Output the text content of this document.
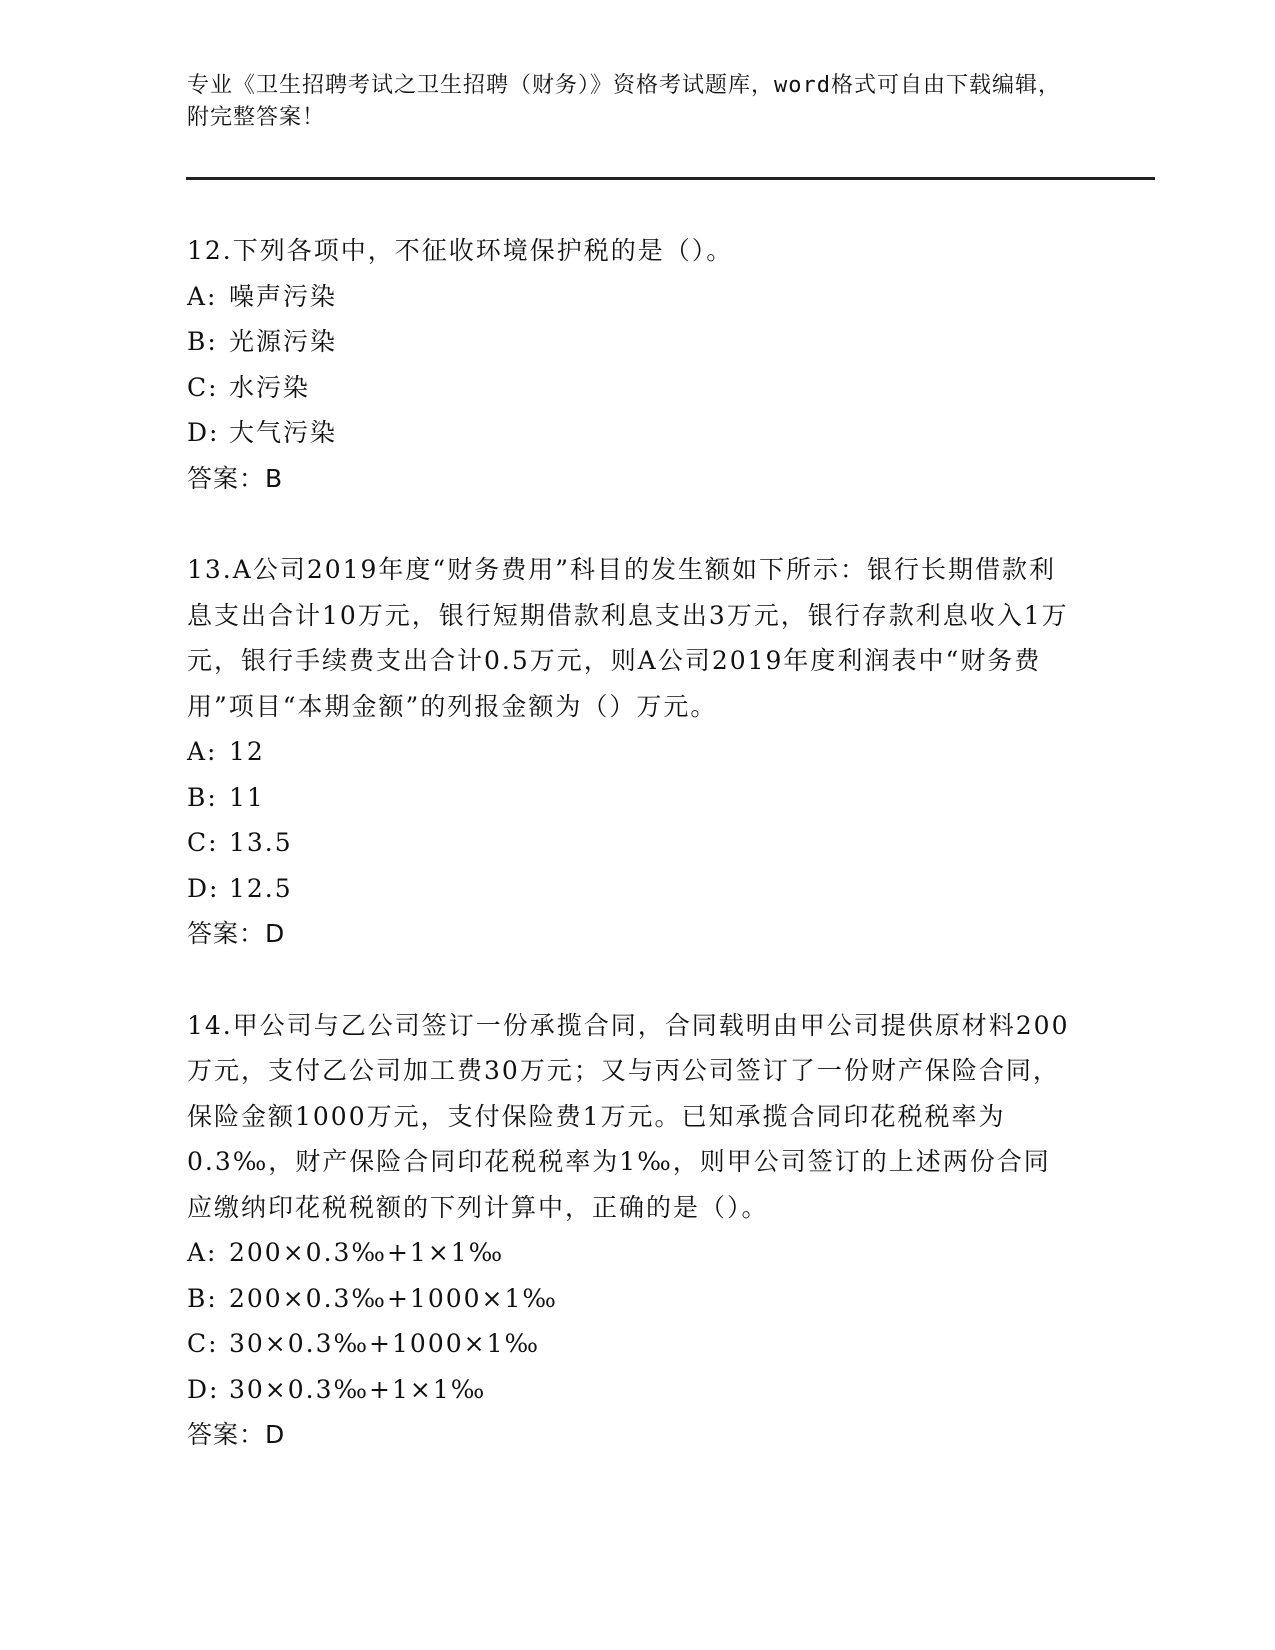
专业《卫生招聘考试之卫生招聘（财务）》资格考试题库，word格式可自由下载编辑，附完整答案！

12.下列各项中，不征收环境保护税的是（）。

A: 噪声污染

B: 光源污染

C: 水污染

D: 大气污染

答案：B

13.A公司2019年度“财务费用”科目的发生额如下所示：银行长期借款利息支出合计10万元，银行短期借款利息支出3万元，银行存款利息收入1万元，银行手续费支出合计0.5万元，则A公司2019年度利润表中“财务费用”项目“本期金额”的列报金额为（）万元。

A: 12

B: 11

C: 13.5

D: 12.5

答案：D

14.甲公司与乙公司签订一份承揽合同，合同载明由甲公司提供原材料200万元，支付乙公司加工费30万元；又与丙公司签订了一份财产保险合同，保险金额1000万元，支付保险费1万元。已知承揽合同印花税税率为0.3‰，财产保险合同印花税税率为1‰，则甲公司签订的上述两份合同应缴纳印花税税额的下列计算中，正确的是（）。

A: 200×0.3‰+1×1‰

B: 200×0.3‰+1000×1‰

C: 30×0.3‰+1000×1‰

D: 30×0.3‰+1×1‰

答案：D
